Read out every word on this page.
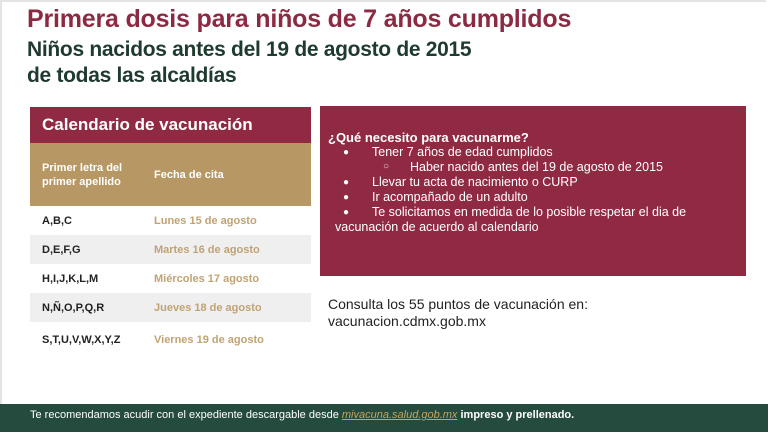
Primera dosis para niños de 7 años cumplidos
Niños nacidos antes del 19 de agosto de 2015
de todas las alcaldías
Calendario de vacunación
Primer letra del
primer apellido
Fecha de cita
A,B,C	Lunes 15 de agosto
D,E,F,G	Martes 16 de agosto
H,I,J,K,L,M	Miércoles 17 agosto
N,Ñ,O,P,Q,R	Jueves 18 de agosto
S,T,U,V,W,X,Y,Z	Viernes 19 de agosto
¿Qué necesito para vacunarme?
● Tener 7 años de edad cumplidos
○ Haber nacido antes del 19 de agosto de 2015
● Llevar tu acta de nacimiento o CURP
● Ir acompañado de un adulto
● Te solicitamos en medida de lo posible respetar el dia de vacunación de acuerdo al calendario
Consulta los 55 puntos de vacunación en:
vacunacion.cdmx.gob.mx
Te recomendamos acudir con el expediente descargable desde mivacuna.salud.gob.mx impreso y prellenado.
